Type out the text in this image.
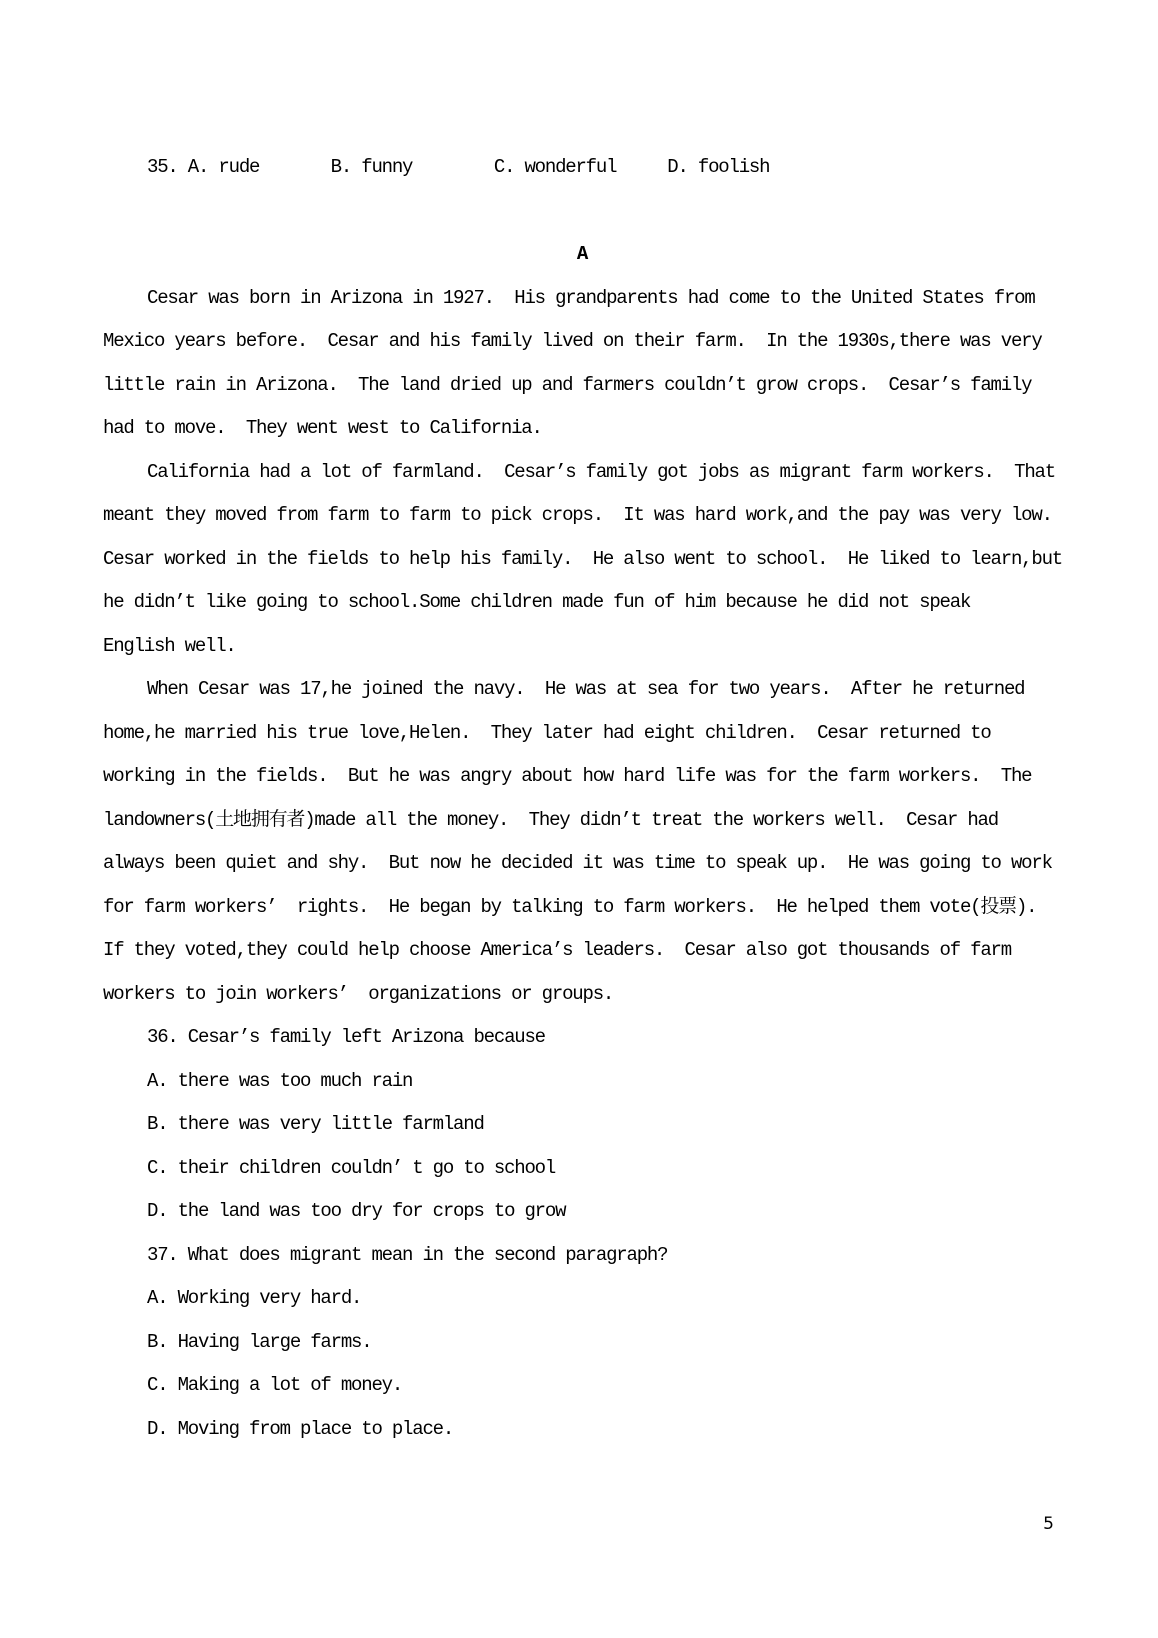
35. A. rude       B. funny        C. wonderful     D. foolish
A
Cesar was born in Arizona in 1927.  His grandparents had come to the United States from
Mexico years before.  Cesar and his family lived on their farm.  In the 1930s,there was very
little rain in Arizona.  The land dried up and farmers couldn’t grow crops.  Cesar’s family
had to move.  They went west to California.
California had a lot of farmland.  Cesar’s family got jobs as migrant farm workers.  That
meant they moved from farm to farm to pick crops.  It was hard work,and the pay was very low.
Cesar worked in the fields to help his family.  He also went to school.  He liked to learn,but
he didn’t like going to school.Some children made fun of him because he did not speak
English well.
When Cesar was 17,he joined the navy.  He was at sea for two years.  After he returned
home,he married his true love,Helen.  They later had eight children.  Cesar returned to
working in the fields.  But he was angry about how hard life was for the farm workers.  The
landowners(土地拥有者)made all the money.  They didn’t treat the workers well.  Cesar had
always been quiet and shy.  But now he decided it was time to speak up.  He was going to work
for farm workers’  rights.  He began by talking to farm workers.  He helped them vote(投票).
If they voted,they could help choose America’s leaders.  Cesar also got thousands of farm
workers to join workers’  organizations or groups.
36. Cesar’s family left Arizona because
A. there was too much rain
B. there was very little farmland
C. their children couldn’ t go to school
D. the land was too dry for crops to grow
37. What does migrant mean in the second paragraph?
A. Working very hard.
B. Having large farms.
C. Making a lot of money.
D. Moving from place to place.
5
